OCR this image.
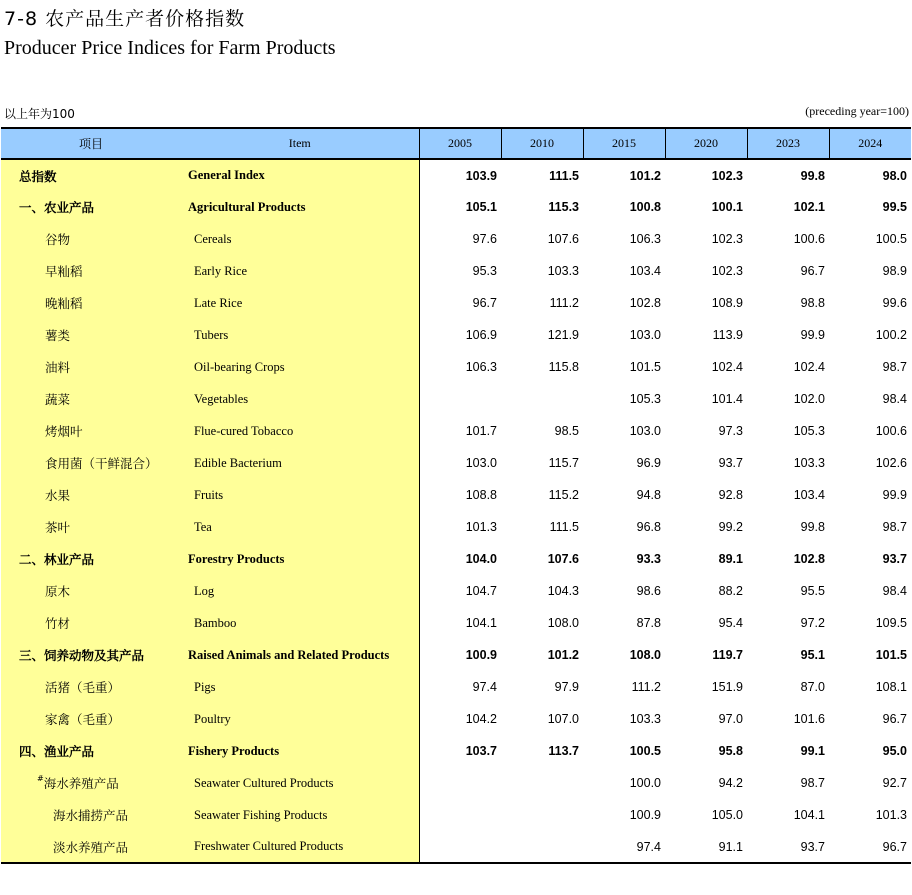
7-8 农产品生产者价格指数
Producer Price Indices for Farm Products
以上年为100	(preceding year=100)
项目	Item	2005	2010	2015	2020	2023	2024
总指数	General Index	103.9	111.5	101.2	102.3	99.8	98.0
一、农业产品	Agricultural Products	105.1	115.3	100.8	100.1	102.1	99.5
谷物	Cereals	97.6	107.6	106.3	102.3	100.6	100.5
早籼稻	Early Rice	95.3	103.3	103.4	102.3	96.7	98.9
晚籼稻	Late Rice	96.7	111.2	102.8	108.9	98.8	99.6
薯类	Tubers	106.9	121.9	103.0	113.9	99.9	100.2
油料	Oil-bearing Crops	106.3	115.8	101.5	102.4	102.4	98.7
蔬菜	Vegetables			105.3	101.4	102.0	98.4
烤烟叶	Flue-cured Tobacco	101.7	98.5	103.0	97.3	105.3	100.6
食用菌（干鲜混合）	Edible Bacterium	103.0	115.7	96.9	93.7	103.3	102.6
水果	Fruits	108.8	115.2	94.8	92.8	103.4	99.9
茶叶	Tea	101.3	111.5	96.8	99.2	99.8	98.7
二、林业产品	Forestry Products	104.0	107.6	93.3	89.1	102.8	93.7
原木	Log	104.7	104.3	98.6	88.2	95.5	98.4
竹材	Bamboo	104.1	108.0	87.8	95.4	97.2	109.5
三、饲养动物及其产品	Raised Animals and Related Products	100.9	101.2	108.0	119.7	95.1	101.5
活猪（毛重）	Pigs	97.4	97.9	111.2	151.9	87.0	108.1
家禽（毛重）	Poultry	104.2	107.0	103.3	97.0	101.6	96.7
四、渔业产品	Fishery Products	103.7	113.7	100.5	95.8	99.1	95.0
#海水养殖产品	Seawater Cultured Products			100.0	94.2	98.7	92.7
海水捕捞产品	Seawater Fishing Products			100.9	105.0	104.1	101.3
淡水养殖产品	Freshwater Cultured Products			97.4	91.1	93.7	96.7
